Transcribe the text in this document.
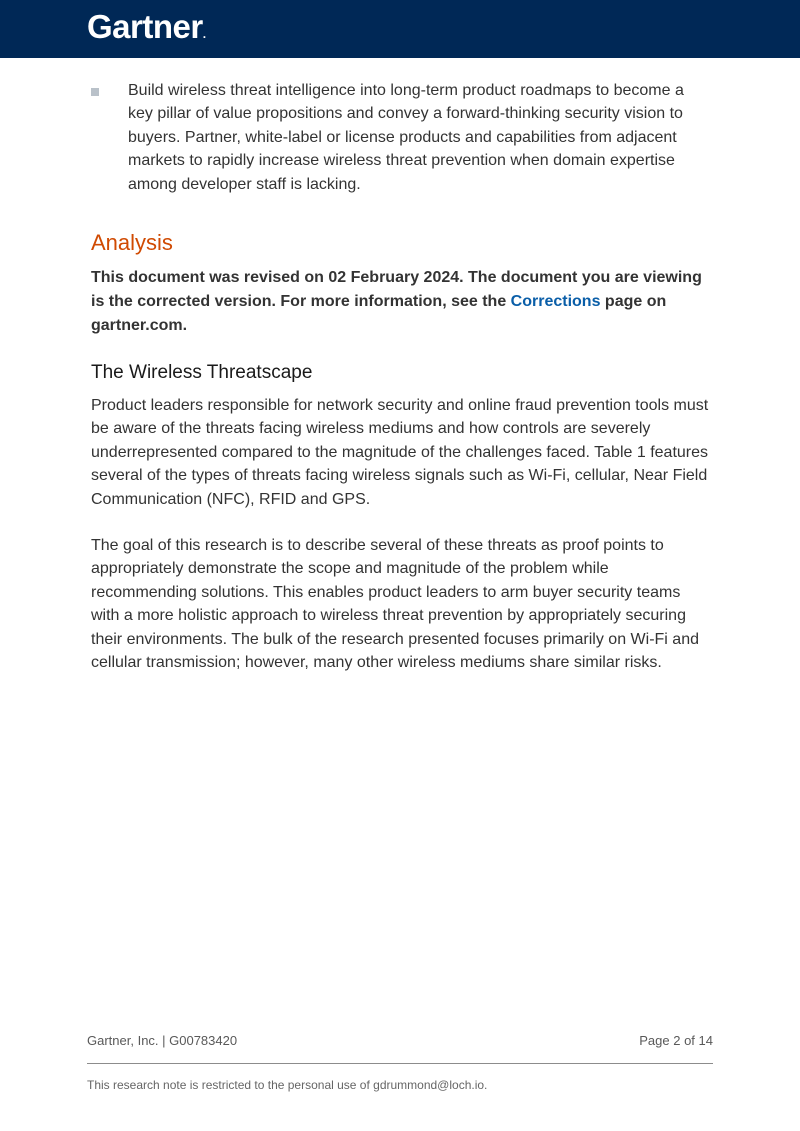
Gartner.
Build wireless threat intelligence into long-term product roadmaps to become a key pillar of value propositions and convey a forward-thinking security vision to buyers. Partner, white-label or license products and capabilities from adjacent markets to rapidly increase wireless threat prevention when domain expertise among developer staff is lacking.
Analysis
This document was revised on 02 February 2024. The document you are viewing is the corrected version. For more information, see the Corrections page on gartner.com.
The Wireless Threatscape
Product leaders responsible for network security and online fraud prevention tools must be aware of the threats facing wireless mediums and how controls are severely underrepresented compared to the magnitude of the challenges faced. Table 1 features several of the types of threats facing wireless signals such as Wi-Fi, cellular, Near Field Communication (NFC), RFID and GPS.
The goal of this research is to describe several of these threats as proof points to appropriately demonstrate the scope and magnitude of the problem while recommending solutions. This enables product leaders to arm buyer security teams with a more holistic approach to wireless threat prevention by appropriately securing their environments. The bulk of the research presented focuses primarily on Wi-Fi and cellular transmission; however, many other wireless mediums share similar risks.
Gartner, Inc. | G00783420	Page 2 of 14
This research note is restricted to the personal use of gdrummond@loch.io.
